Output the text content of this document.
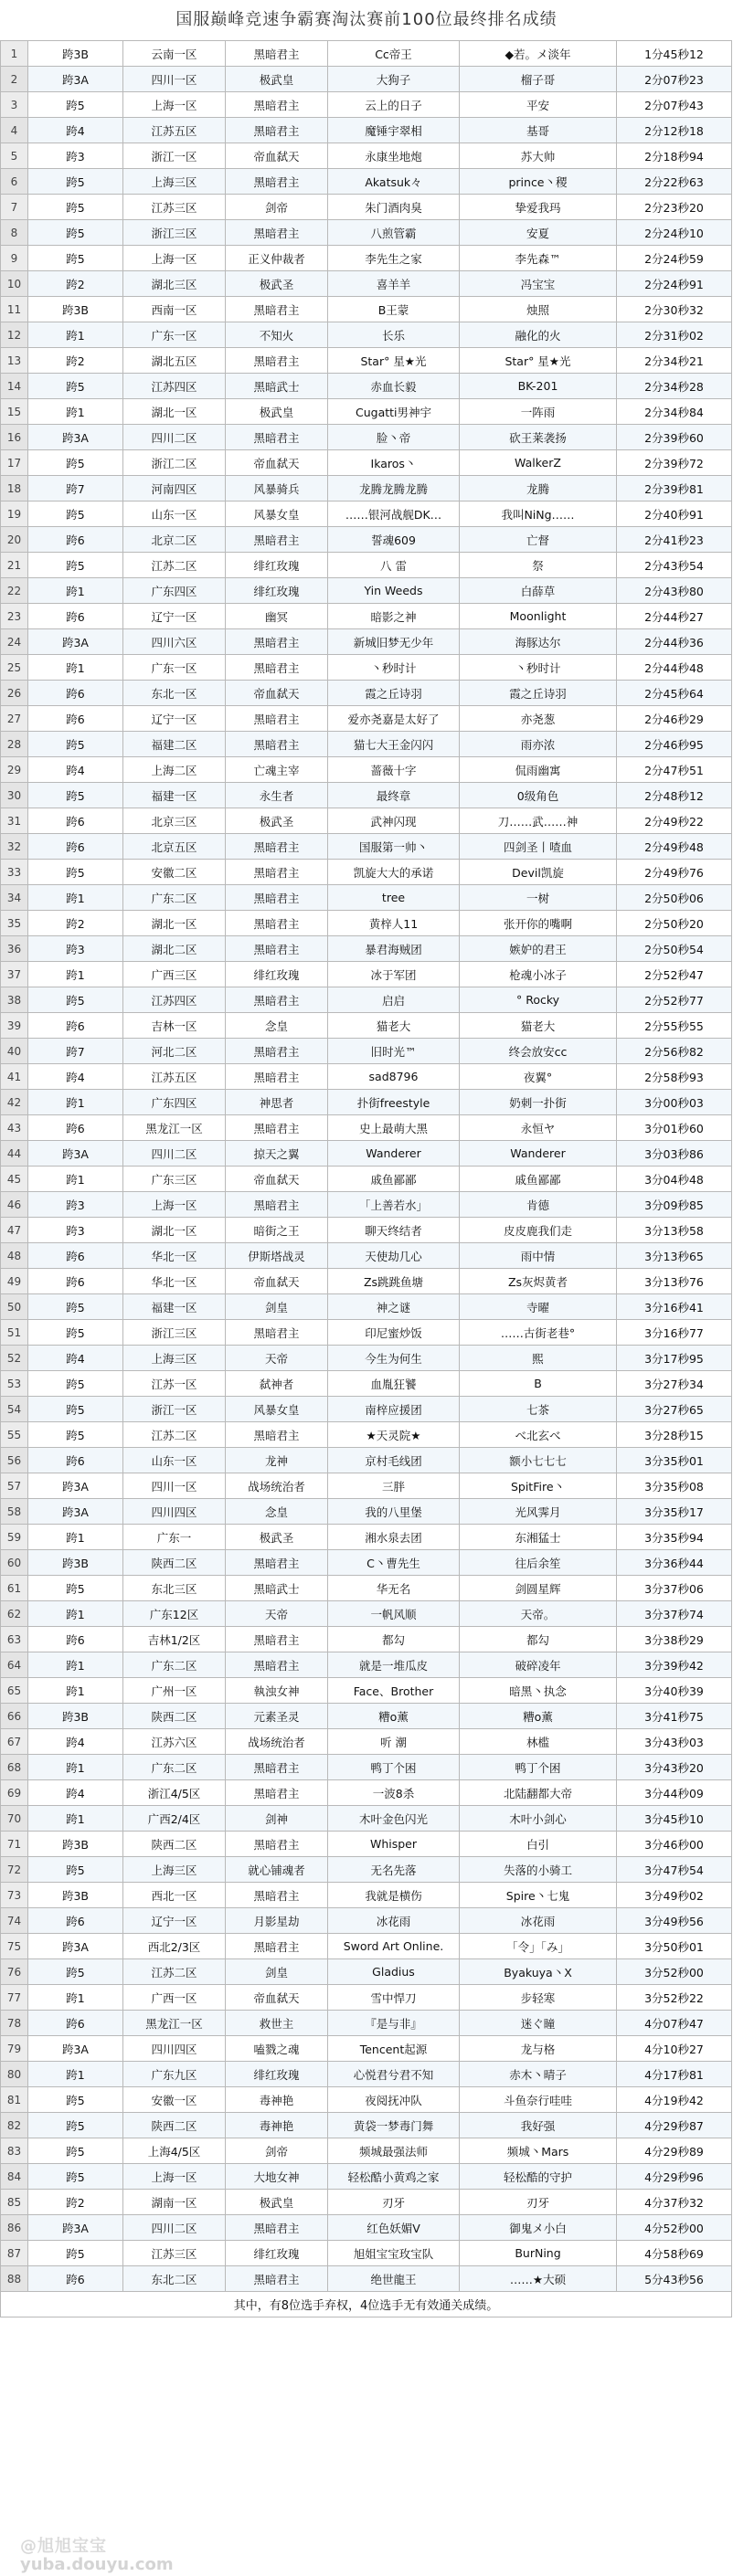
国服巅峰竞速争霸赛淘汰赛前100位最终排名成绩
1	跨3B	云南一区	黑暗君主	Cc帝王	◆若。メ淡年	1分45秒12
2	跨3A	四川一区	极武皇	大狗子	榴子哥	2分07秒23
3	跨5	上海一区	黑暗君主	云上的日子	平安	2分07秒43
4	跨4	江苏五区	黑暗君主	魔锤宇翠相	基哥	2分12秒18
5	跨3	浙江一区	帝血弑天	永康坐地炮	苏大帅	2分18秒94
6	跨5	上海三区	黑暗君主	Akatsuk々	prince丶稷	2分22秒63
7	跨5	江苏三区	剑帝	朱门酒肉臭	挚爱我玛	2分23秒20
8	跨5	浙江三区	黑暗君主	八煎管霸	安夏	2分24秒10
9	跨5	上海一区	正义仲裁者	李先生之家	李先森™	2分24秒59
10	跨2	湖北三区	极武圣	喜羊羊	冯宝宝	2分24秒91
11	跨3B	西南一区	黑暗君主	B王蒙	烛照	2分30秒32
12	跨1	广东一区	不知火	长乐	融化的火	2分31秒02
13	跨2	湖北五区	黑暗君主	Star° 星★光	Star° 星★光	2分34秒21
14	跨5	江苏四区	黑暗武士	赤血长毅	BK-201	2分34秒28
15	跨1	湖北一区	极武皇	Cugatti男神宇	一阵雨	2分34秒84
16	跨3A	四川二区	黑暗君主	脸丶帝	砍王莱袭扬	2分39秒60
17	跨5	浙江二区	帝血弑天	Ikaros丶	WalkerZ	2分39秒72
18	跨7	河南四区	风暴骑兵	龙腾龙腾龙腾	龙腾	2分39秒81
19	跨5	山东一区	风暴女皇	……银河战舰DK…	我叫NiNg……	2分40秒91
20	跨6	北京二区	黑暗君主	誓魂609	亡督	2分41秒23
21	跨5	江苏二区	绯红玫瑰	八 雷	祭	2分43秒54
22	跨1	广东四区	绯红玫瑰	Yin Weeds	白薛草	2分43秒80
23	跨6	辽宁一区	幽冥	暗影之神	Moonlight	2分44秒27
24	跨3A	四川六区	黑暗君主	新城旧梦无少年	海豚达尔	2分44秒36
25	跨1	广东一区	黑暗君主	丶秒时计	丶秒时计	2分44秒48
26	跨6	东北一区	帝血弑天	霞之丘诗羽	霞之丘诗羽	2分45秒64
27	跨6	辽宁一区	黑暗君主	爱亦尧嘉是太好了	亦尧葱	2分46秒29
28	跨5	福建二区	黑暗君主	猫七大王金闪闪	雨亦浓	2分46秒95
29	跨4	上海二区	亡魂主宰	蔷薇十字	侃雨幽寓	2分47秒51
30	跨5	福建一区	永生者	最终章	0级角色	2分48秒12
31	跨6	北京三区	极武圣	武神闪现	刀……武……神	2分49秒22
32	跨6	北京五区	黑暗君主	国服第一帅丶	四剑圣丨喳血	2分49秒48
33	跨5	安徽二区	黑暗君主	凯旋大大的承诺	Devil凯旋	2分49秒76
34	跨1	广东二区	黑暗君主	tree	一树	2分50秒06
35	跨2	湖北一区	黑暗君主	黄梓人11	张开你的嘴啊	2分50秒20
36	跨3	湖北二区	黑暗君主	暴君海贼团	嫉妒的君王	2分50秒54
37	跨1	广西三区	绯红玫瑰	冰于军团	枪魂小冰子	2分52秒47
38	跨5	江苏四区	黑暗君主	启启	° Rocky	2分52秒77
39	跨6	吉林一区	念皇	猫老大	猫老大	2分55秒55
40	跨7	河北二区	黑暗君主	旧时光™	终会放安cc	2分56秒82
41	跨4	江苏五区	黑暗君主	sad8796	夜翼°	2分58秒93
42	跨1	广东四区	神思者	扑街freestyle	奶刺一扑街	3分00秒03
43	跨6	黑龙江一区	黑暗君主	史上最萌大黑	永恒ヤ	3分01秒60
44	跨3A	四川二区	掠天之翼	Wanderer	Wanderer	3分03秒86
45	跨1	广东三区	帝血弑天	戚鱼鄙鄙	戚鱼鄙鄙	3分04秒48
46	跨3	上海一区	黑暗君主	「上善若水」	肯德	3分09秒85
47	跨3	湖北一区	暗街之王	聊天终结者	皮皮鹿我们走	3分13秒58
48	跨6	华北一区	伊斯塔战灵	天使劫几心	雨中情	3分13秒65
49	跨6	华北一区	帝血弑天	Zs跳跳鱼塘	Zs灰烬黄者	3分13秒76
50	跨5	福建一区	剑皇	神之谜	寺曜	3分16秒41
51	跨5	浙江三区	黑暗君主	印尼蜜炒饭	……古街老巷°	3分16秒77
52	跨4	上海三区	天帝	今生为何生	熙	3分17秒95
53	跨5	江苏一区	弑神者	血胤狂饕	B	3分27秒34
54	跨5	浙江一区	风暴女皇	南梓应援团	七茶	3分27秒65
55	跨5	江苏二区	黑暗君主	★天灵院★	べ北玄べ	3分28秒15
56	跨6	山东一区	龙神	京村毛线团	额小七七七	3分35秒01
57	跨3A	四川一区	战场统治者	三胖	SpitFire丶	3分35秒08
58	跨3A	四川四区	念皇	我的八里堡	光风霁月	3分35秒17
59	跨1	广东一	极武圣	湘水泉去团	东湘猛士	3分35秒94
60	跨3B	陕西二区	黑暗君主	C丶曹先生	往后余笙	3分36秒44
61	跨5	东北三区	黑暗武士	华无名	剑圆星辉	3分37秒06
62	跨1	广东12区	天帝	一帆风顺	天帝。	3分37秒74
63	跨6	吉林1/2区	黑暗君主	都勾	都勾	3分38秒29
64	跨1	广东二区	黑暗君主	就是一堆瓜皮	破碎凌年	3分39秒42
65	跨1	广州一区	執浊女神	Face、Brother	暗黑丶执念	3分40秒39
66	跨3B	陕西二区	元素圣灵	糟o薰	糟o薰	3分41秒75
67	跨4	江苏六区	战场统治者	听 潮	林槛	3分43秒03
68	跨1	广东二区	黑暗君主	鸭丁个困	鸭丁个困	3分43秒20
69	跨4	浙江4/5区	黑暗君主	一波8杀	北陆翻都大帝	3分44秒09
70	跨1	广西2/4区	剑神	木叶金色闪光	木叶小剑心	3分45秒10
71	跨3B	陕西二区	黑暗君主	Whisper	白引	3分46秒00
72	跨5	上海三区	就心铺魂者	无名先落	失落的小骑工	3分47秒54
73	跨3B	西北一区	黑暗君主	我就是横伤	Spire丶七鬼	3分49秒02
74	跨6	辽宁一区	月影星劫	冰花雨	冰花雨	3分49秒56
75	跨3A	西北2/3区	黑暗君主	Sword Art Online.	「令」「み」	3分50秒01
76	跨5	江苏二区	剑皇	Gladius	Byakuya丶X	3分52秒00
77	跨1	广西一区	帝血弑天	雪中悍刀	步轻寒	3分52秒22
78	跨6	黑龙江一区	救世主	『是与非』	迷ぐ瞳	4分07秒47
79	跨3A	四川四区	嗑戮之魂	Tencent起源	龙与格	4分10秒27
80	跨1	广东九区	绯红玫瑰	心悦君兮君不知	赤木丶晴子	4分17秒81
81	跨5	安徽一区	毒神艳	夜阅抚冲队	斗鱼奈行哇哇	4分19秒42
82	跨5	陕西二区	毒神艳	黄袋一梦毒门舞	我好强	4分29秒87
83	跨5	上海4/5区	剑帝	频城最强法师	频城丶Mars	4分29秒89
84	跨5	上海一区	大地女神	轻松酷小黄鸡之家	轻松酷的守护	4分29秒96
85	跨2	湖南一区	极武皇	刃牙	刃牙	4分37秒32
86	跨3A	四川二区	黑暗君主	红色妖媚V	御鬼メ小白	4分52秒00
87	跨5	江苏三区	绯红玫瑰	旭姐宝宝玫宝队	BurNing	4分58秒69
88	跨6	东北二区	黑暗君主	绝世龍王	……★大硕	5分43秒56
其中，有8位选手弃权，4位选手无有效通关成绩。						
@旭旭宝宝
yuba.douyu.com
